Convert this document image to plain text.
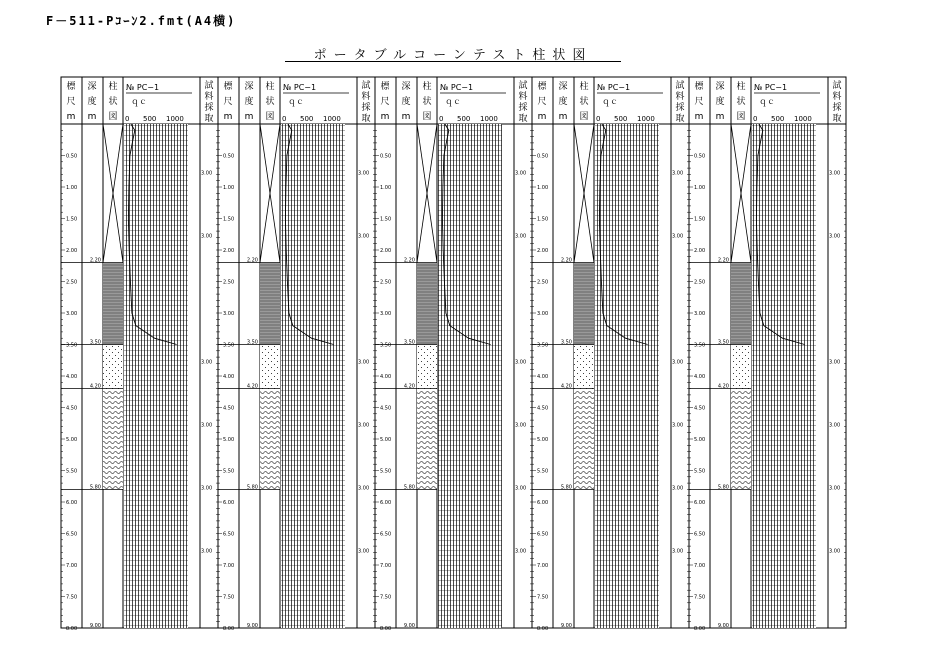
F－511-Pｺｰﾝ2.fmt(A4横)
ポータブルコーンテスト柱状図
標
尺
m
深
度
m
柱
状
図
試
料
採
取
№ PC−1
ｑｃ
0 500 1000
0.50
1.00
1.50
2.00
2.50
3.00
3.50
4.00
4.50
5.00
5.50
6.00
6.50
7.00
7.50
8.00
2.20
3.50
4.20
5.80
9.00
3.00
3.00
3.00
3.00
3.00
3.00
標
尺
m
深
度
m
柱
状
図
試
料
採
取
№ PC−1
ｑｃ
0 500 1000
0.50
1.00
1.50
2.00
2.50
3.00
3.50
4.00
4.50
5.00
5.50
6.00
6.50
7.00
7.50
8.00
2.20
3.50
4.20
5.80
9.00
3.00
3.00
3.00
3.00
3.00
3.00
標
尺
m
深
度
m
柱
状
図
試
料
採
取
№ PC−1
ｑｃ
0 500 1000
0.50
1.00
1.50
2.00
2.50
3.00
3.50
4.00
4.50
5.00
5.50
6.00
6.50
7.00
7.50
8.00
2.20
3.50
4.20
5.80
9.00
3.00
3.00
3.00
3.00
3.00
3.00
標
尺
m
深
度
m
柱
状
図
試
料
採
取
№ PC−1
ｑｃ
0 500 1000
0.50
1.00
1.50
2.00
2.50
3.00
3.50
4.00
4.50
5.00
5.50
6.00
6.50
7.00
7.50
8.00
2.20
3.50
4.20
5.80
9.00
3.00
3.00
3.00
3.00
3.00
3.00
標
尺
m
深
度
m
柱
状
図
試
料
採
取
№ PC−1
ｑｃ
0 500 1000
0.50
1.00
1.50
2.00
2.50
3.00
3.50
4.00
4.50
5.00
5.50
6.00
6.50
7.00
7.50
8.00
2.20
3.50
4.20
5.80
9.00
3.00
3.00
3.00
3.00
3.00
3.00
